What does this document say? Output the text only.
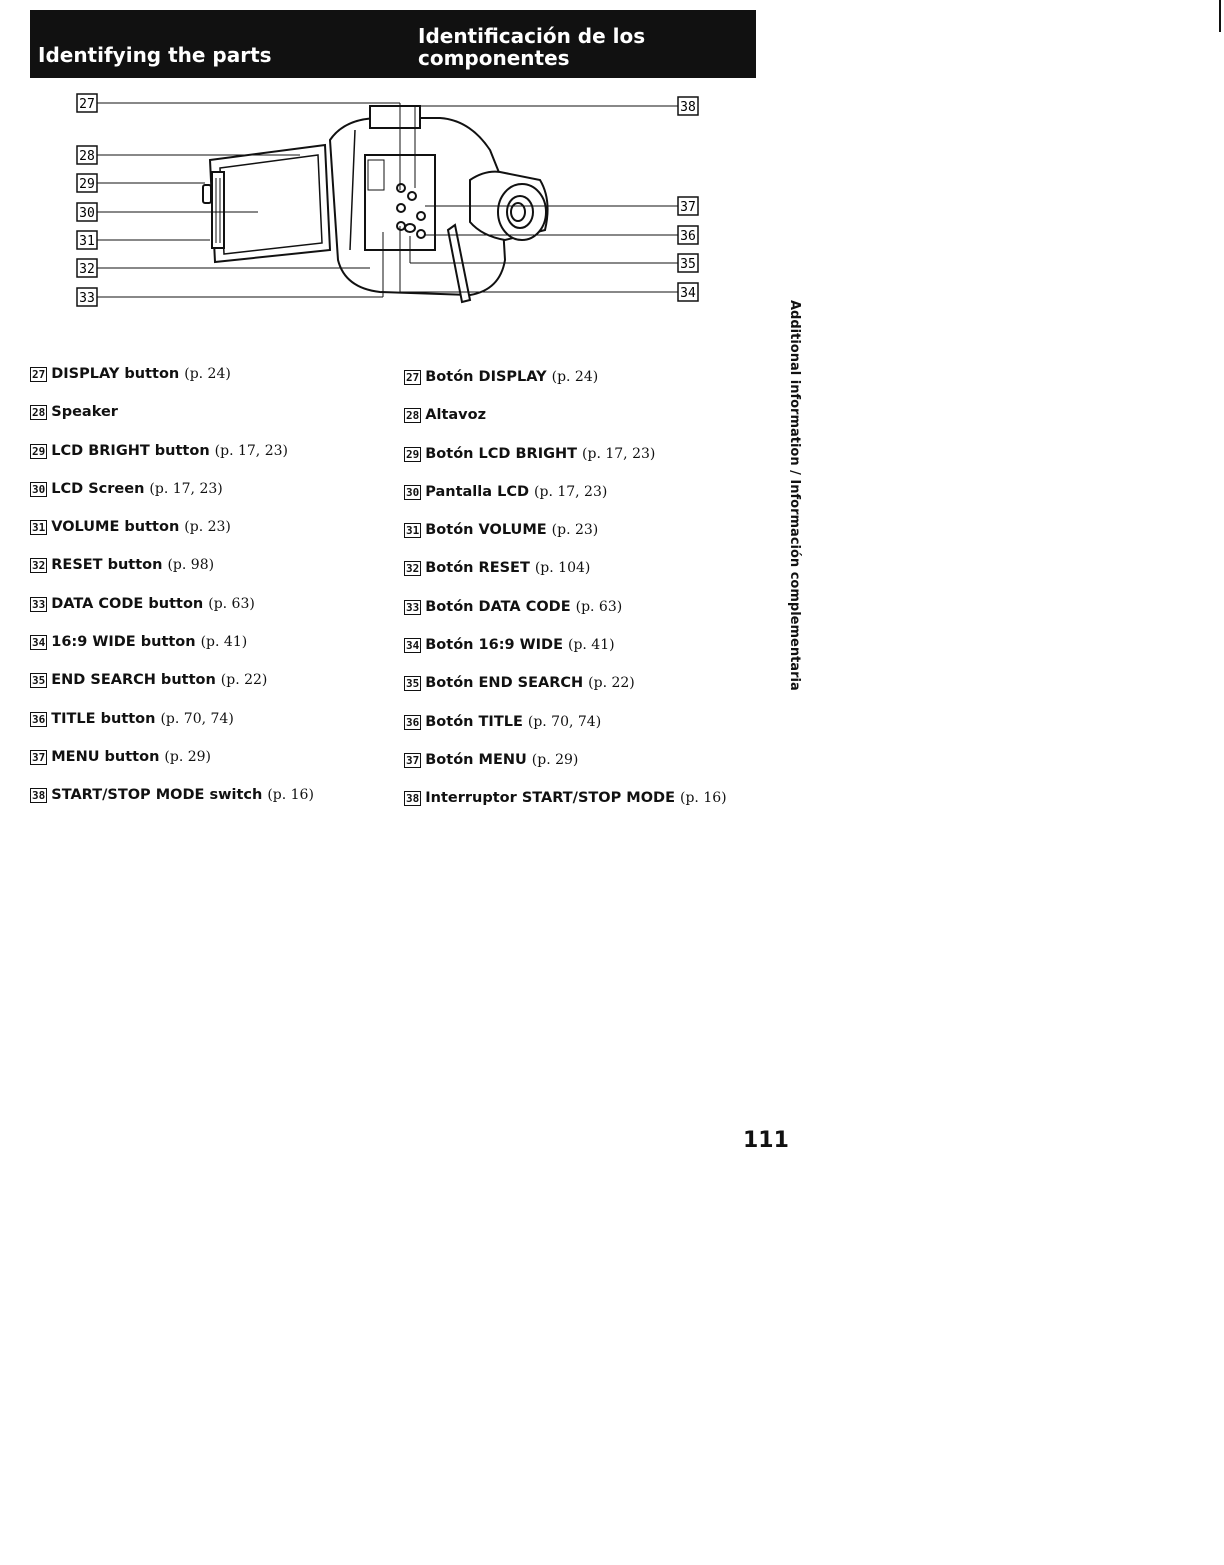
Identifying the parts
Identificación de los
componentes
27
28
29
30
31
32
33
38
37
36
35
34
27 DISPLAY button (p. 24)
28 Speaker
29 LCD BRIGHT button (p. 17, 23)
30 LCD Screen (p. 17, 23)
31 VOLUME button (p. 23)
32 RESET button (p. 98)
33 DATA CODE button (p. 63)
34 16:9 WIDE button (p. 41)
35 END SEARCH button (p. 22)
36 TITLE button (p. 70, 74)
37 MENU button (p. 29)
38 START/STOP MODE switch (p. 16)
27 Botón DISPLAY (p. 24)
28 Altavoz
29 Botón LCD BRIGHT (p. 17, 23)
30 Pantalla LCD (p. 17, 23)
31 Botón VOLUME (p. 23)
32 Botón RESET (p. 104)
33 Botón DATA CODE (p. 63)
34 Botón 16:9 WIDE (p. 41)
35 Botón END SEARCH (p. 22)
36 Botón TITLE (p. 70, 74)
37 Botón MENU (p. 29)
38 Interruptor START/STOP MODE (p. 16)
Additional information / Información complementaria
111
